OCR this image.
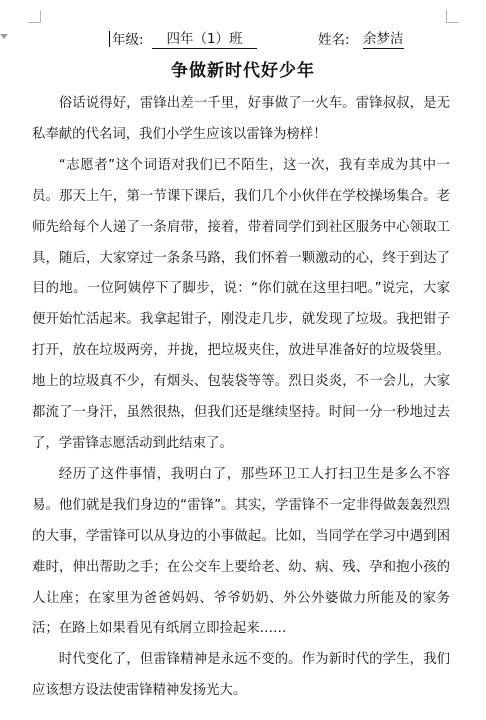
年级:	四年（1）班	姓名: 余梦洁
争做新时代好少年

俗话说得好，雷锋出差一千里，好事做了一火车。雷锋叔叔，是无私奉献的代名词，我们小学生应该以雷锋为榜样！

“志愿者”这个词语对我们已不陌生，这一次，我有幸成为其中一员。那天上午，第一节课下课后，我们几个小伙伴在学校操场集合。老师先给每个人递了一条肩带，接着，带着同学们到社区服务中心领取工具，随后，大家穿过一条条马路，我们怀着一颗激动的心，终于到达了目的地。一位阿姨停下了脚步，说：“你们就在这里扫吧。”说完，大家便开始忙活起来。我拿起钳子，刚没走几步，就发现了垃圾。我把钳子打开，放在垃圾两旁，并拢，把垃圾夹住，放进早准备好的垃圾袋里。地上的垃圾真不少，有烟头、包装袋等等。烈日炎炎，不一会儿，大家都流了一身汗，虽然很热，但我们还是继续坚持。时间一分一秒地过去了，学雷锋志愿活动到此结束了。

经历了这件事情，我明白了，那些环卫工人打扫卫生是多么不容易。他们就是我们身边的“雷锋”。其实，学雷锋不一定非得做轰轰烈烈的大事，学雷锋可以从身边的小事做起。比如，当同学在学习中遇到困难时，伸出帮助之手；在公交车上要给老、幼、病、残、孕和抱小孩的人让座；在家里为爸爸妈妈、爷爷奶奶、外公外婆做力所能及的家务活；在路上如果看见有纸屑立即捡起来……

时代变化了，但雷锋精神是永远不变的。作为新时代的学生，我们应该想方设法使雷锋精神发扬光大。
